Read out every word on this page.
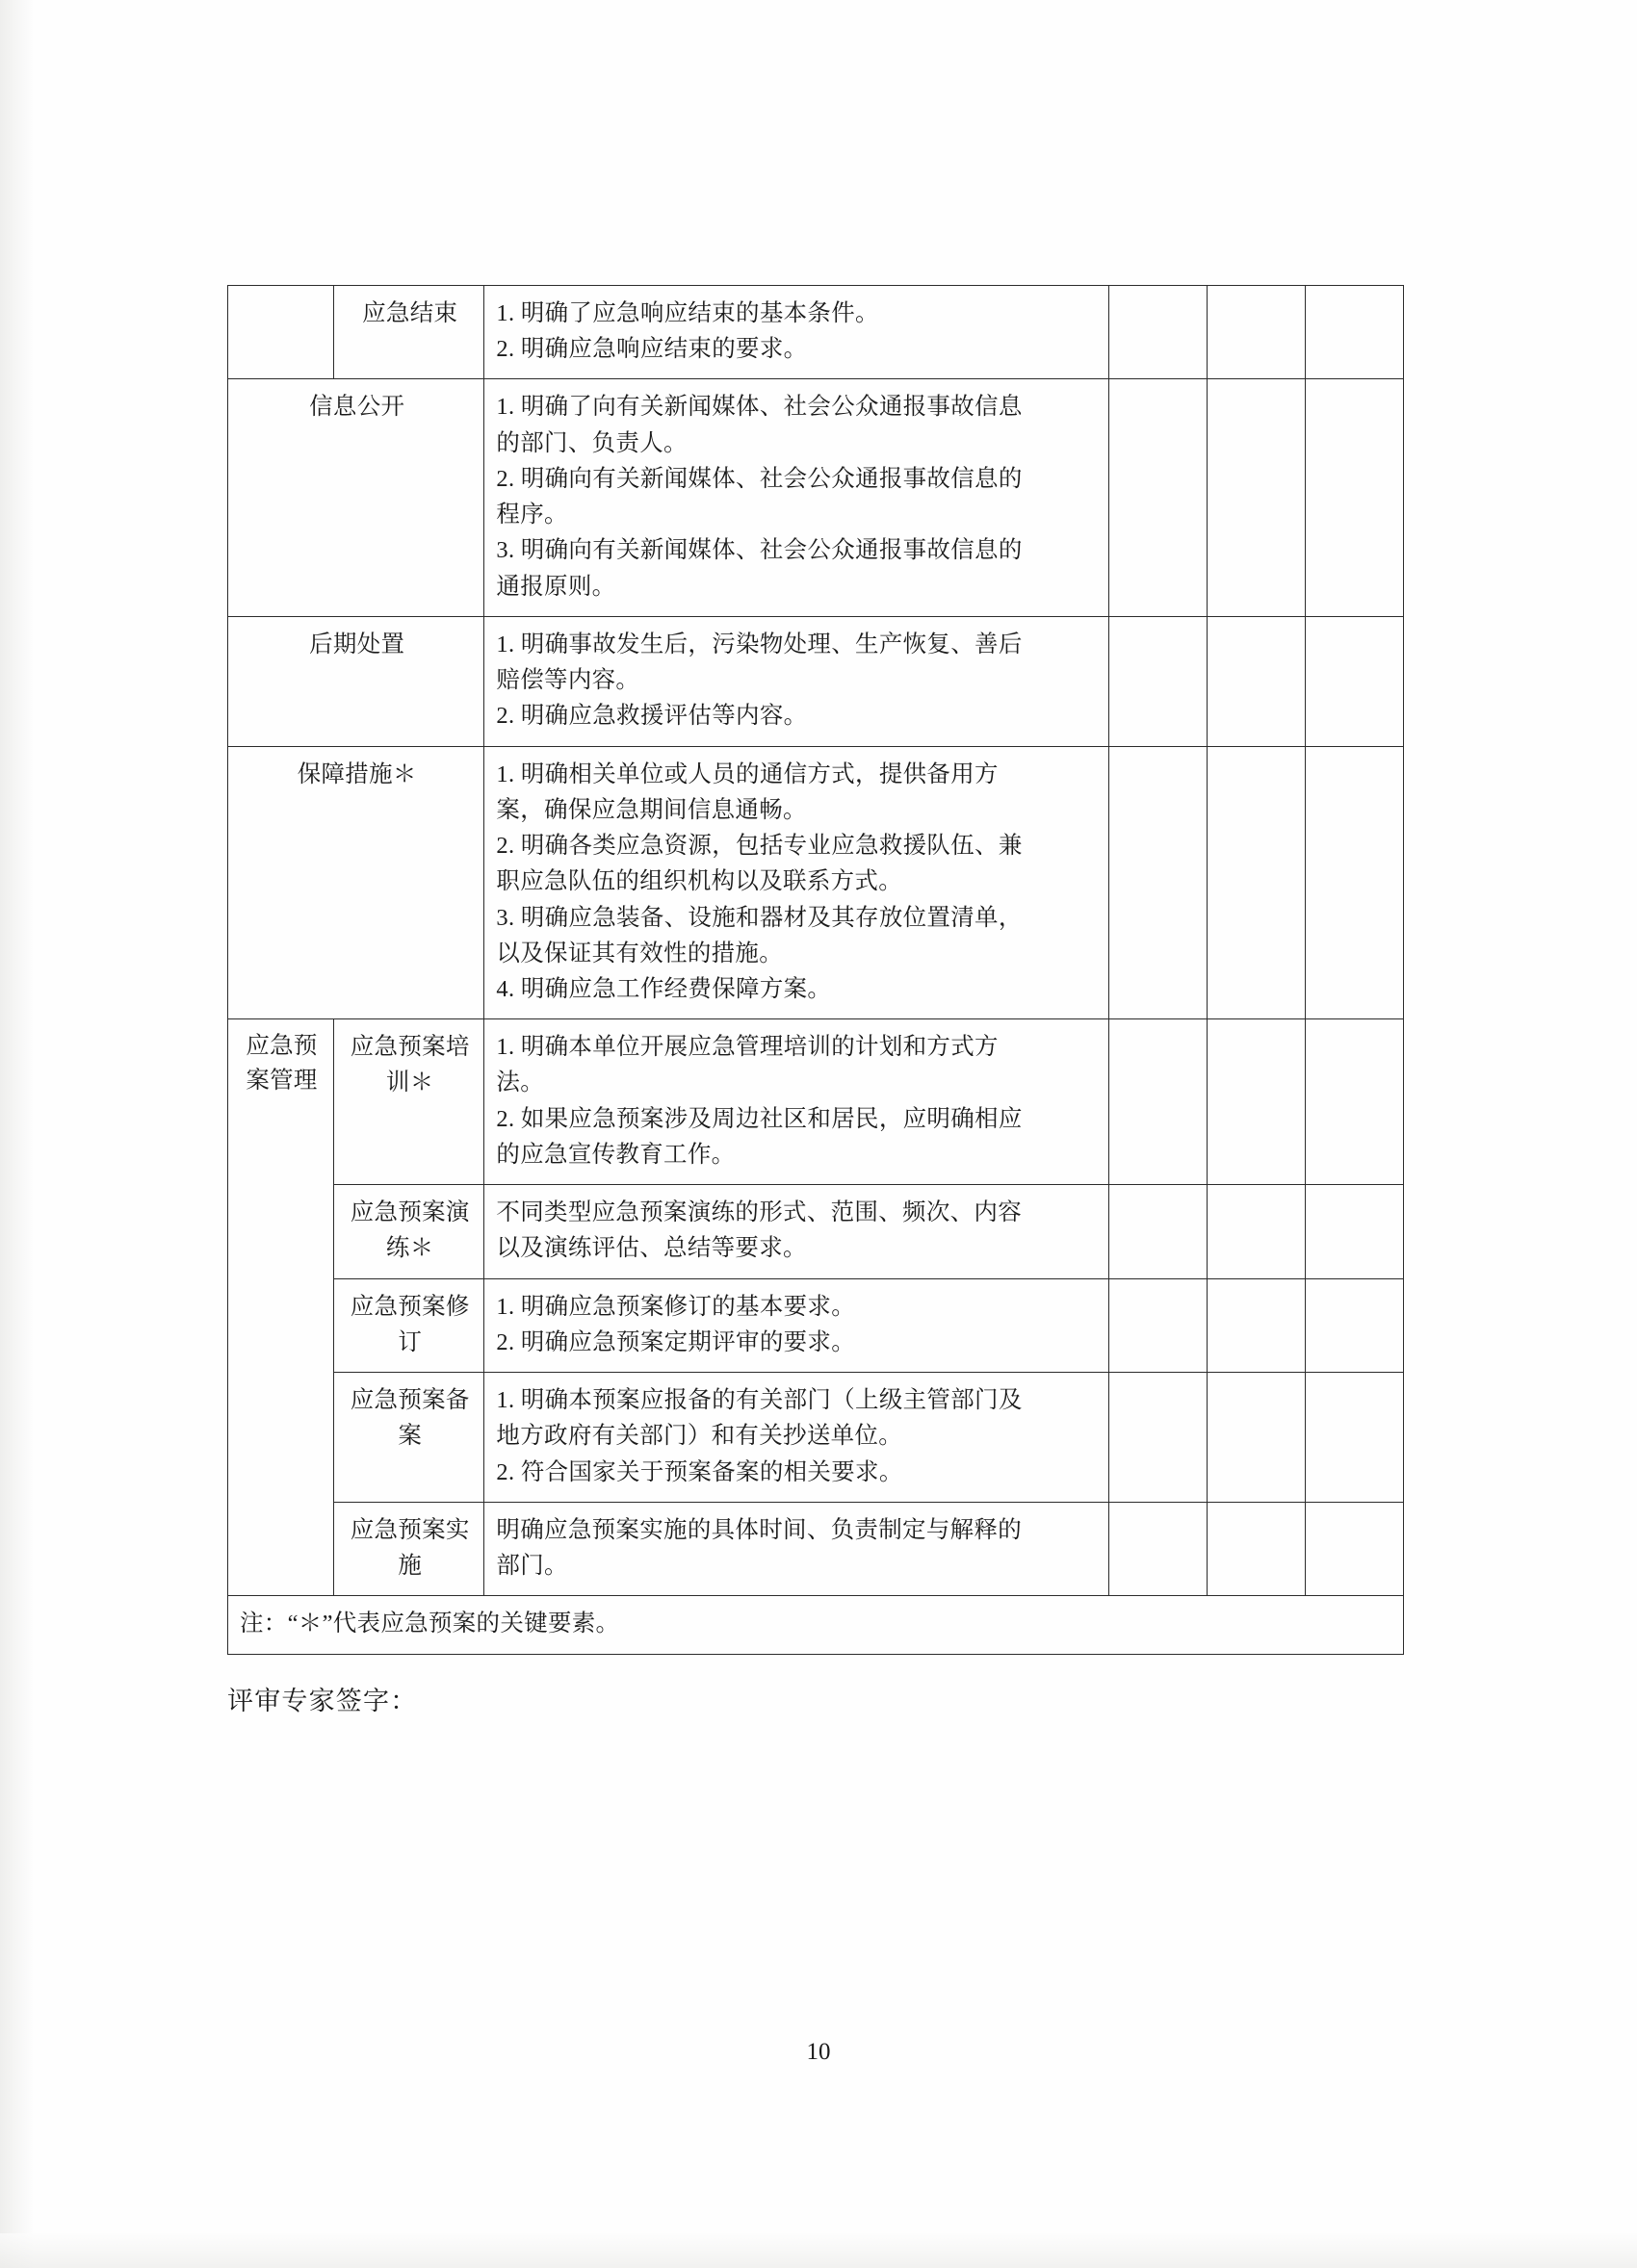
	应急结束	1. 明确了应急响应结束的基本条件。
2. 明确应急响应结束的要求。			

信息公开	1. 明确了向有关新闻媒体、社会公众通报事故信息
的部门、负责人。
2. 明确向有关新闻媒体、社会公众通报事故信息的
程序。
3. 明确向有关新闻媒体、社会公众通报事故信息的
通报原则。

后期处置		1. 明确事故发生后，污染物处理、生产恢复、善后
赔偿等内容。
2. 明确应急救援评估等内容。			

保障措施＊	1. 明确相关单位或人员的通信方式，提供备用方
案，确保应急期间信息通畅。
2. 明确各类应急资源，包括专业应急救援队伍、兼
职应急队伍的组织机构以及联系方式。
3. 明确应急装备、设施和器材及其存放位置清单，
以及保证其有效性的措施。
4. 明确应急工作经费保障方案。

应急预
案管理	应急预案培
训＊	1. 明确本单位开展应急管理培训的计划和方式方
法。
2. 如果应急预案涉及周边社区和居民，应明确相应
的应急宣传教育工作。			

	应急预案演
练＊	不同类型应急预案演练的形式、范围、频次、内容
以及演练评估、总结等要求。			

	应急预案修
订	1. 明确应急预案修订的基本要求。
2. 明确应急预案定期评审的要求。			

	应急预案备
案	1. 明确本预案应报备的有关部门（上级主管部门及
地方政府有关部门）和有关抄送单位。
2. 符合国家关于预案备案的相关要求。			

	应急预案实
施	明确应急预案实施的具体时间、负责制定与解释的
部门。			

注：“＊”代表应急预案的关键要素。					
评审专家签字：
10
